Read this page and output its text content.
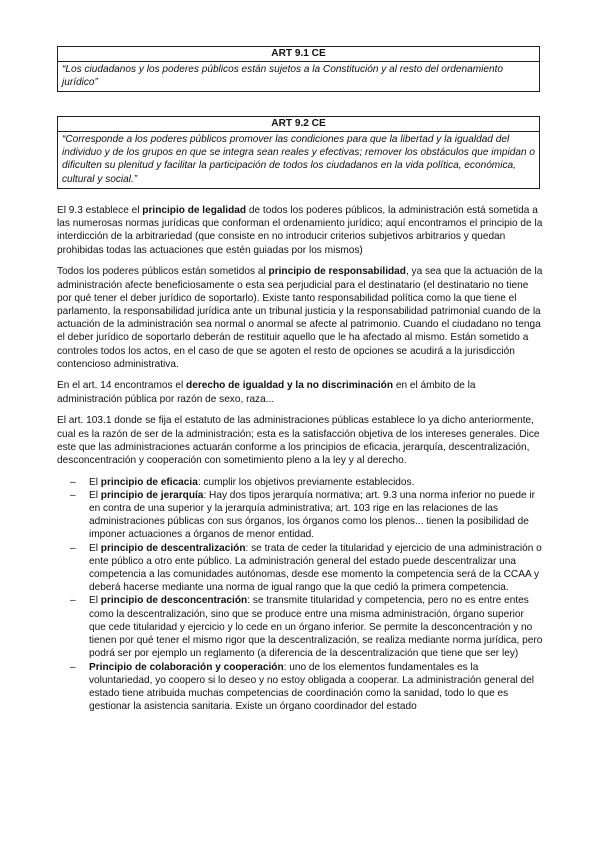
ART 9.1 CE
“Los ciudadanos y los poderes públicos están sujetos a la Constitución y al resto del ordenamiento jurídico”
ART 9.2 CE
“Corresponde a los poderes públicos promover las condiciones para que la libertad y la igualdad del individuo y de los grupos en que se integra sean reales y efectivas; remover los obstáculos que impidan o dificulten su plenitud y facilitar la participación de todos los ciudadanos en la vida política, económica, cultural y social.”

El 9.3 establece el principio de legalidad de todos los poderes públicos, la administración está sometida a las numerosas normas jurídicas que conforman el ordenamiento jurídico; aquí encontramos el principio de la interdicción de la arbitrariedad (que consiste en no introducir criterios subjetivos arbitrarios y quedan prohibidas todas las actuaciones que estén guiadas por los mismos)

Todos los poderes públicos están sometidos al principio de responsabilidad, ya sea que la actuación de la administración afecte beneficiosamente o esta sea perjudicial para el destinatario (el destinatario no tiene por qué tener el deber jurídico de soportarlo). Existe tanto responsabilidad política como la que tiene el parlamento, la responsabilidad jurídica ante un tribunal justicia y la responsabilidad patrimonial cuando de la actuación de la administración sea normal o anormal se afecte al patrimonio. Cuando el ciudadano no tenga el deber jurídico de soportarlo deberán de restituir aquello que le ha afectado al mismo. Están sometido a controles todos los actos, en el caso de que se agoten el resto de opciones se acudirá a la jurisdicción contencioso administrativa.

En el art. 14 encontramos el derecho de igualdad y la no discriminación en el ámbito de la administración pública por razón de sexo, raza...

El art. 103.1 donde se fija el estatuto de las administraciones públicas establece lo ya dicho anteriormente, cual es la razón de ser de la administración; esta es la satisfacción objetiva de los intereses generales. Dice este que las administraciones actuarán conforme a los principios de eficacia, jerarquía, descentralización, desconcentración y cooperación con sometimiento pleno a la ley y al derecho.

– El principio de eficacia: cumplir los objetivos previamente establecidos.
– El principio de jerarquía: Hay dos tipos jerarquía normativa; art. 9.3 una norma inferior no puede ir en contra de una superior y la jerarquía administrativa; art. 103 rige en las relaciones de las administraciones públicas con sus órganos, los órganos como los plenos... tienen la posibilidad de imponer actuaciones a órganos de menor entidad.
– El principio de descentralización: se trata de ceder la titularidad y ejercicio de una administración o ente público a otro ente público. La administración general del estado puede descentralizar una competencia a las comunidades autónomas, desde ese momento la competencia será de la CCAA y deberá hacerse mediante una norma de igual rango que la que cedió la primera competencia.
– El principio de desconcentración: se transmite titularidad y competencia, pero no es entre entes como la descentralización, sino que se produce entre una misma administración, órgano superior que cede titularidad y ejercicio y lo cede en un órgano inferior. Se permite la desconcentración y no tienen por qué tener el mismo rigor que la descentralización, se realiza mediante norma jurídica, pero podrá ser por ejemplo un reglamento (a diferencia de la descentralización que tiene que ser ley)
– Principio de colaboración y cooperación: uno de los elementos fundamentales es la voluntariedad, yo coopero si lo deseo y no estoy obligada a cooperar. La administración general del estado tiene atribuida muchas competencias de coordinación como la sanidad, todo lo que es gestionar la asistencia sanitaria. Existe un órgano coordinador del estado
